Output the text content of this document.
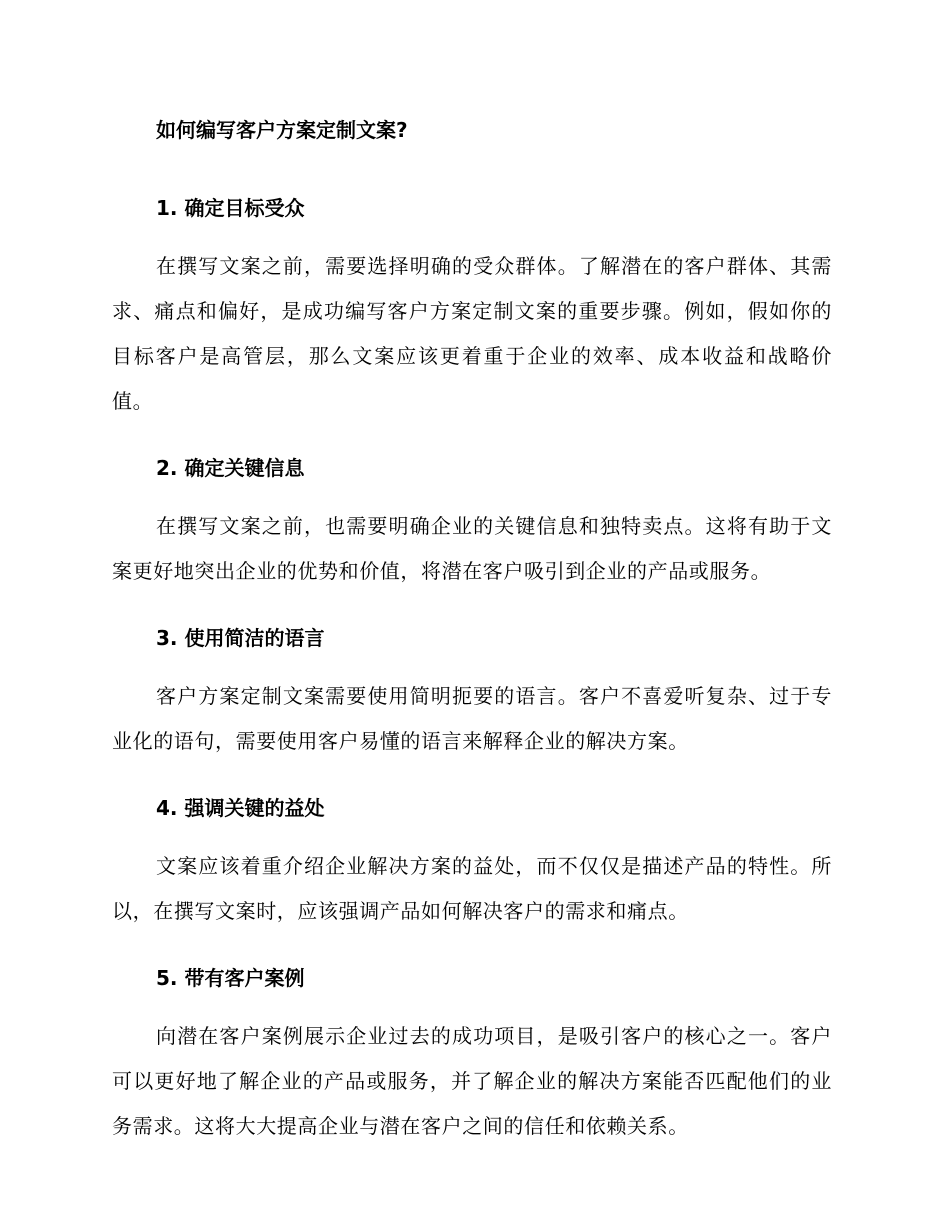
如何编写客户方案定制文案?
1. 确定目标受众

在撰写文案之前，需要选择明确的受众群体。了解潜在的客户群体、其需求、痛点和偏好，是成功编写客户方案定制文案的重要步骤。例如，假如你的目标客户是高管层，那么文案应该更着重于企业的效率、成本收益和战略价值。

2. 确定关键信息

在撰写文案之前，也需要明确企业的关键信息和独特卖点。这将有助于文案更好地突出企业的优势和价值，将潜在客户吸引到企业的产品或服务。

3. 使用简洁的语言

客户方案定制文案需要使用简明扼要的语言。客户不喜爱听复杂、过于专业化的语句，需要使用客户易懂的语言来解释企业的解决方案。

4. 强调关键的益处

文案应该着重介绍企业解决方案的益处，而不仅仅是描述产品的特性。所以，在撰写文案时，应该强调产品如何解决客户的需求和痛点。

5. 带有客户案例

向潜在客户案例展示企业过去的成功项目，是吸引客户的核心之一。客户可以更好地了解企业的产品或服务，并了解企业的解决方案能否匹配他们的业务需求。这将大大提高企业与潜在客户之间的信任和依赖关系。
